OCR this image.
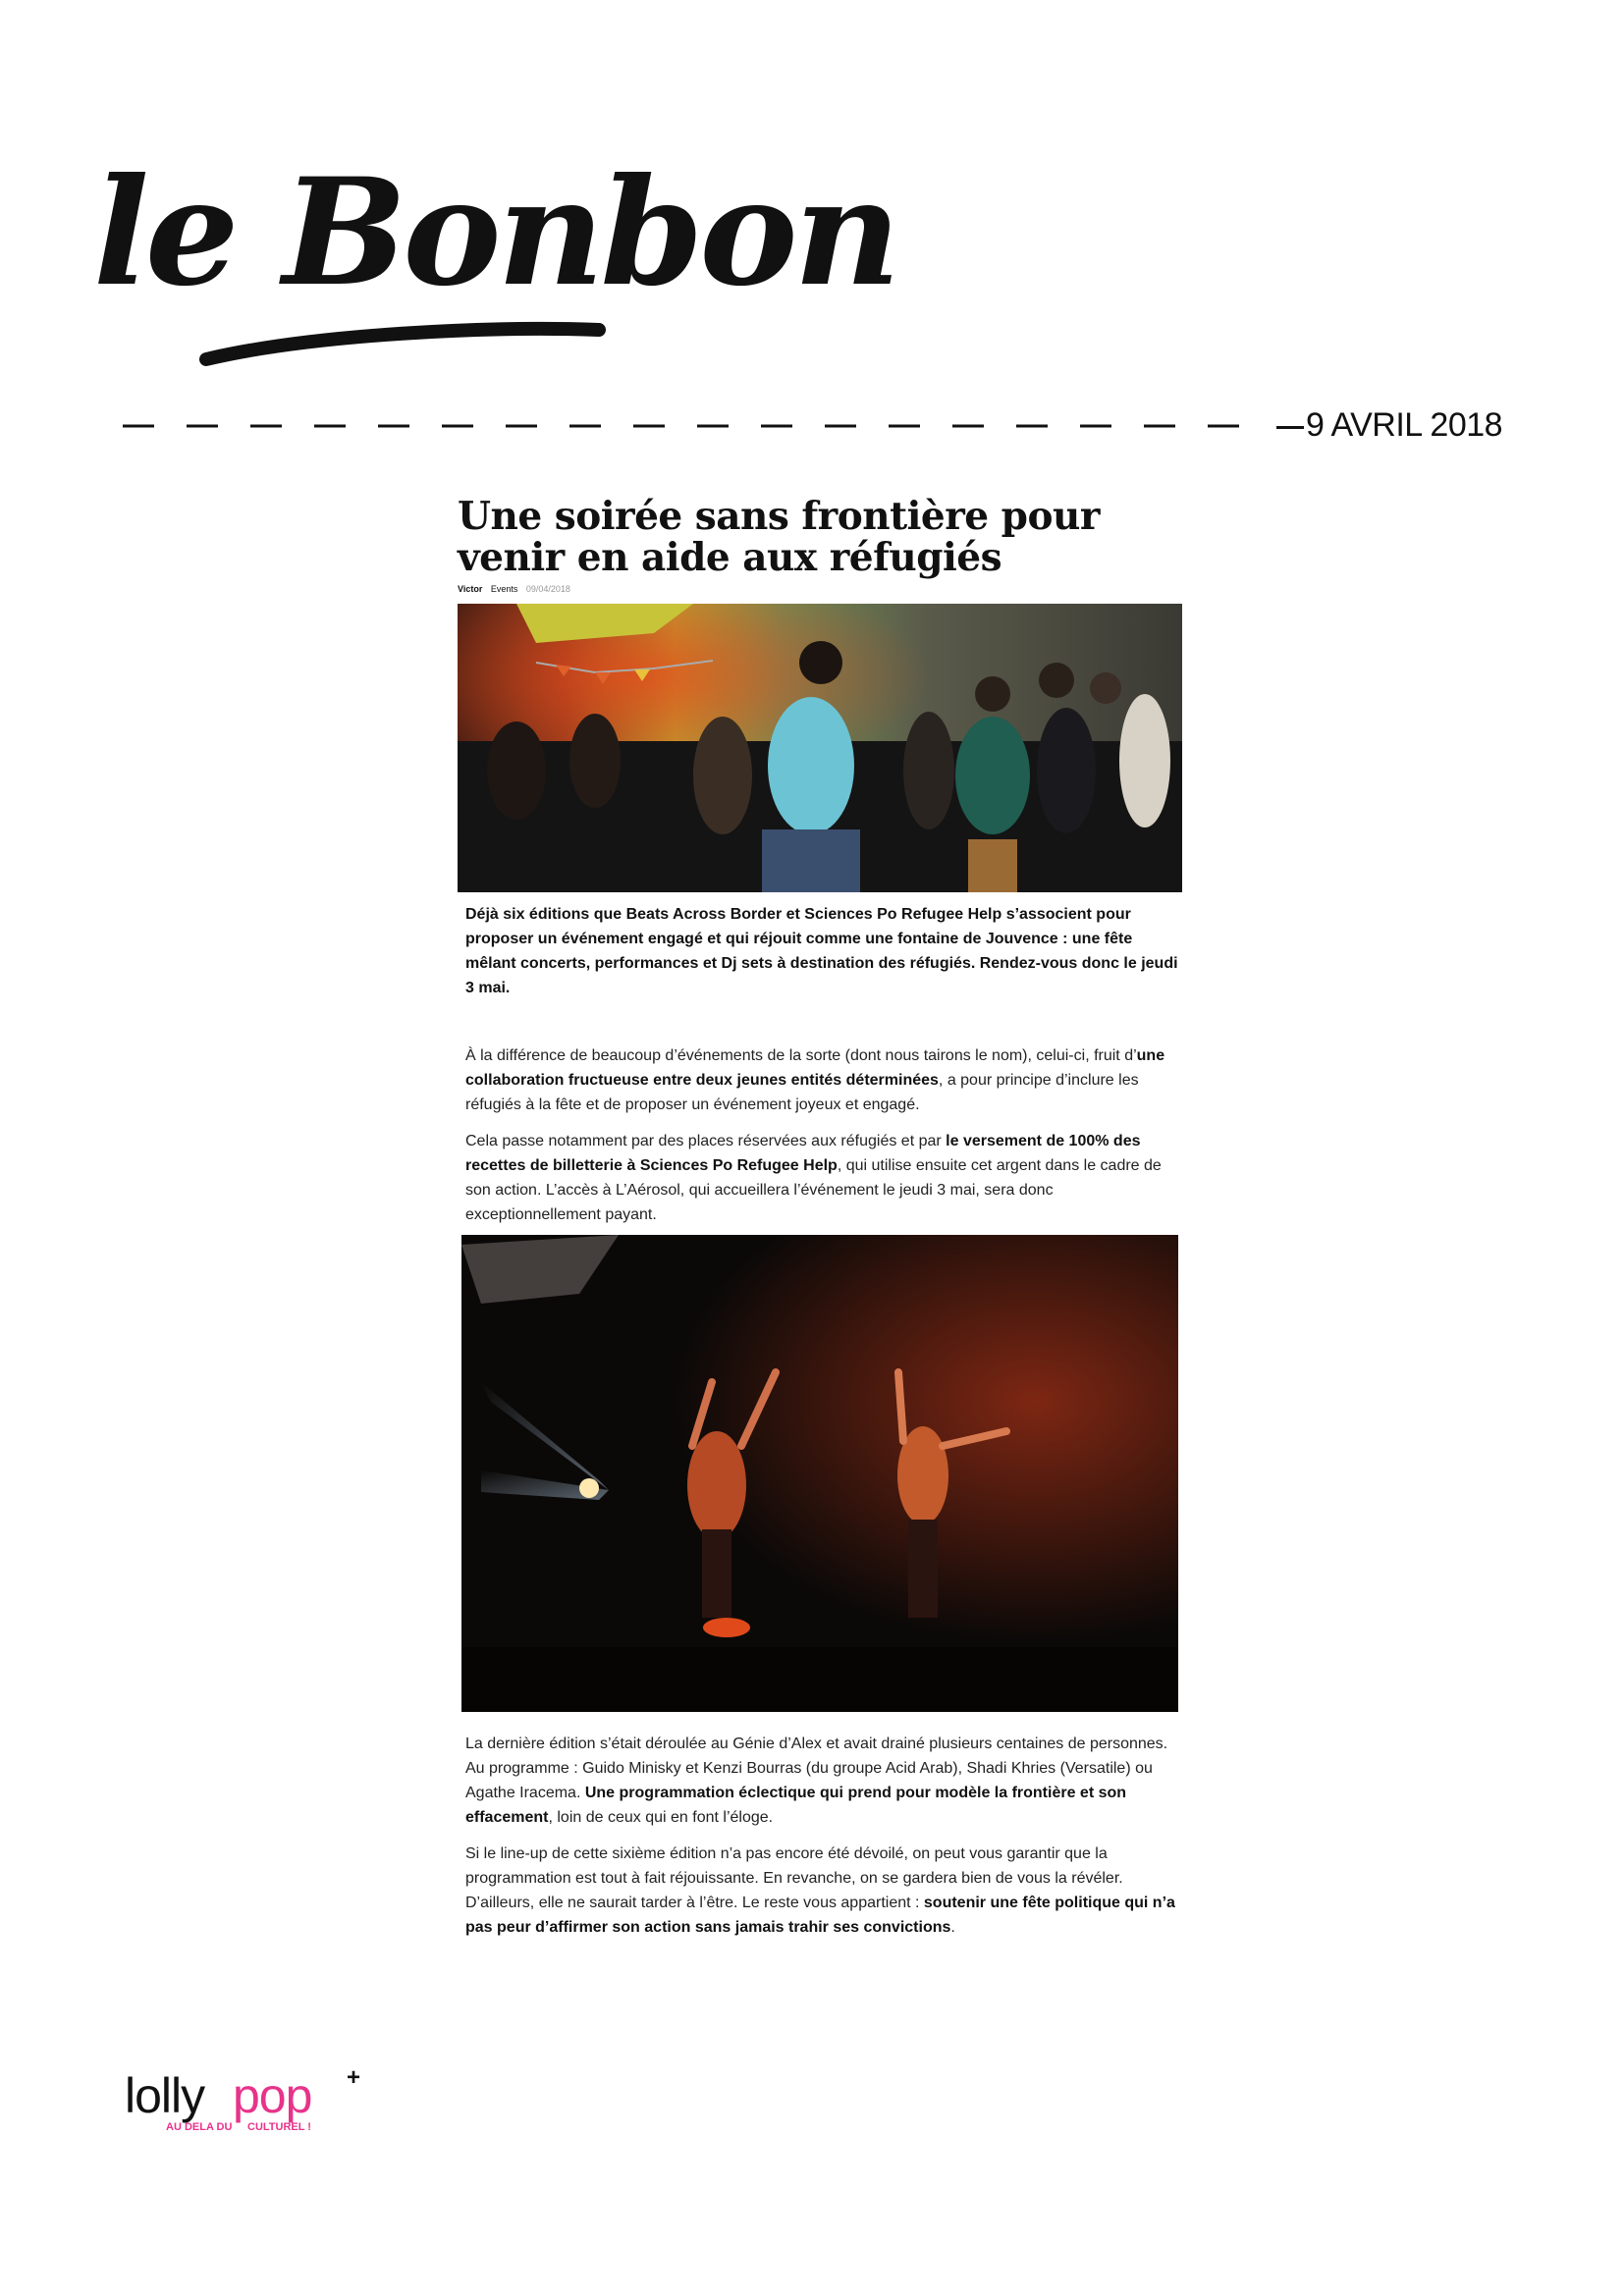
le Bonbon
9 AVRIL 2018
Une soirée sans frontière pour venir en aide aux réfugiés
Victor Events 09/04/2018

Déjà six éditions que Beats Across Border et Sciences Po Refugee Help s’associent pour proposer un événement engagé et qui réjouit comme une fontaine de Jouvence : une fête mêlant concerts, performances et Dj sets à destination des réfugiés. Rendez-vous donc le jeudi 3 mai.

À la différence de beaucoup d’événements de la sorte (dont nous tairons le nom), celui-ci, fruit d’une collaboration fructueuse entre deux jeunes entités déterminées, a pour principe d’inclure les réfugiés à la fête et de proposer un événement joyeux et engagé.

Cela passe notamment par des places réservées aux réfugiés et par le versement de 100% des recettes de billetterie à Sciences Po Refugee Help, qui utilise ensuite cet argent dans le cadre de son action. L’accès à L’Aérosol, qui accueillera l’événement le jeudi 3 mai, sera donc exceptionnellement payant.

La dernière édition s’était déroulée au Génie d’Alex et avait drainé plusieurs centaines de personnes. Au programme : Guido Minisky et Kenzi Bourras (du groupe Acid Arab), Shadi Khries (Versatile) ou Agathe Iracema. Une programmation éclectique qui prend pour modèle la frontière et son effacement, loin de ceux qui en font l’éloge.

Si le line-up de cette sixième édition n’a pas encore été dévoilé, on peut vous garantir que la programmation est tout à fait réjouissante. En revanche, on se gardera bien de vous la révéler. D’ailleurs, elle ne saurait tarder à l’être. Le reste vous appartient : soutenir une fête politique qui n’a pas peur d’affirmer son action sans jamais trahir ses convictions.

lolly pop +
AU DELA DU CULTUREL !
